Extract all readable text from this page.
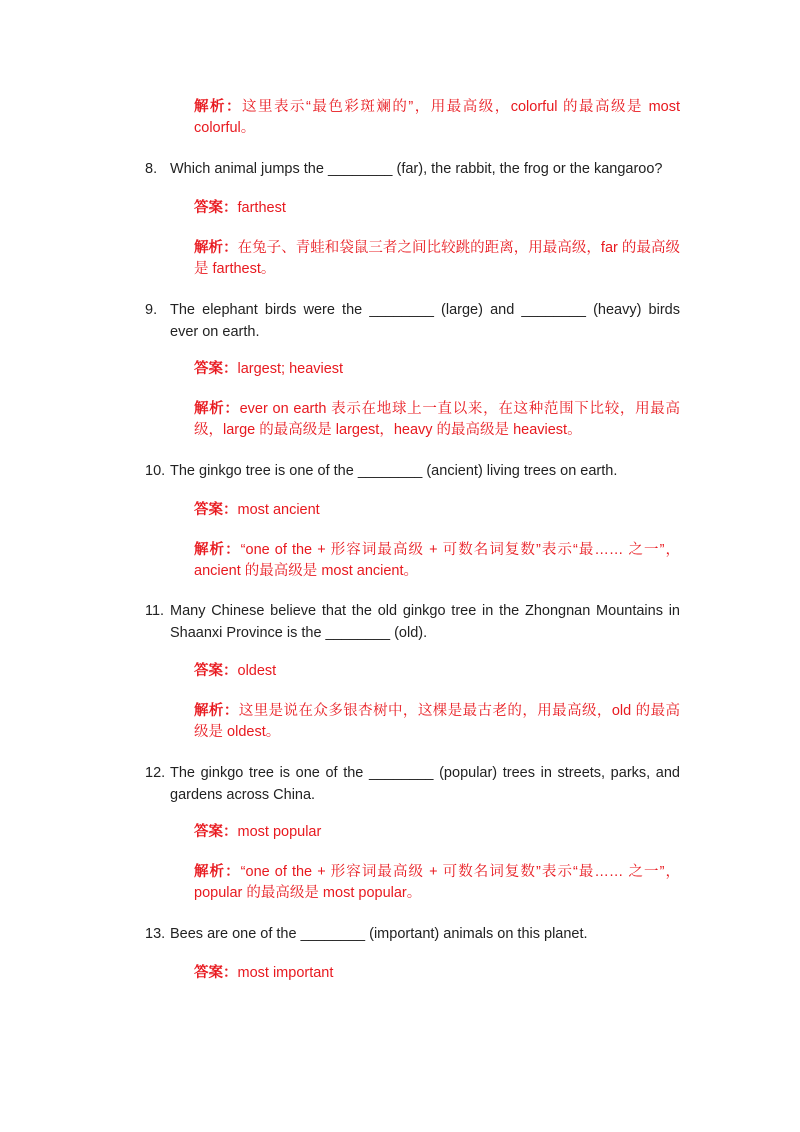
解析：这里表示“最色彩斑斓的”，用最高级，colorful 的最高级是 most colorful。
8. Which animal jumps the ________ (far), the rabbit, the frog or the kangaroo?
答案：farthest
解析：在兔子、青蛙和袋鼠三者之间比较跳的距离，用最高级，far 的最高级是 farthest。
9. The elephant birds were the ________ (large) and ________ (heavy) birds ever on earth.
答案：largest; heaviest
解析：ever on earth 表示在地球上一直以来，在这种范围下比较，用最高级，large 的最高级是 largest，heavy 的最高级是 heaviest。
10. The ginkgo tree is one of the ________ (ancient) living trees on earth.
答案：most ancient
解析：“one of the + 形容词最高级 + 可数名词复数”表示“最…… 之一”，ancient 的最高级是 most ancient。
11. Many Chinese believe that the old ginkgo tree in the Zhongnan Mountains in Shaanxi Province is the ________ (old).
答案：oldest
解析：这里是说在众多银杏树中，这棵是最古老的，用最高级，old 的最高级是 oldest。
12. The ginkgo tree is one of the ________ (popular) trees in streets, parks, and gardens across China.
答案：most popular
解析：“one of the + 形容词最高级 + 可数名词复数”表示“最…… 之一”，popular 的最高级是 most popular。
13. Bees are one of the ________ (important) animals on this planet.
答案：most important
